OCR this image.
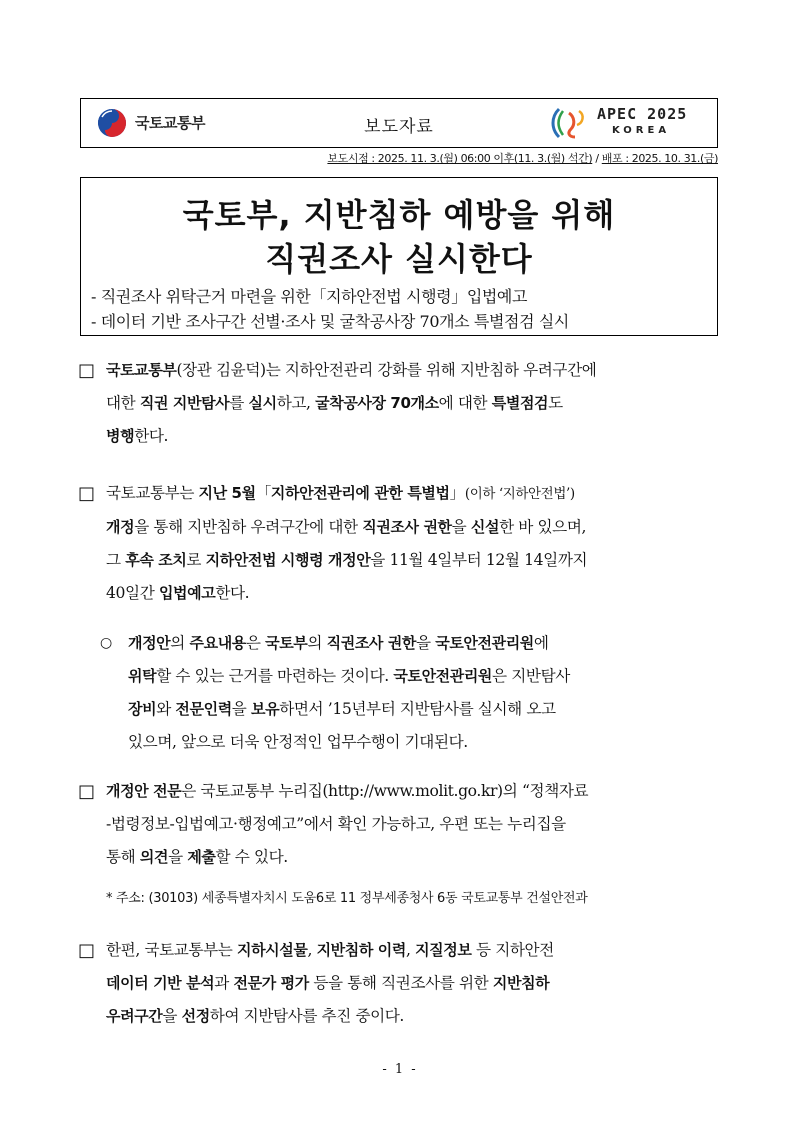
국토교통부	보도자료
APEC 2025
KOREA
보도시점 : 2025. 11. 3.(월) 06:00 이후(11. 3.(월) 석간) / 배포 : 2025. 10. 31.(금)
국토부, 지반침하 예방을 위해
직권조사 실시한다
- 직권조사 위탁근거 마련을 위한「지하안전법 시행령」입법예고
- 데이터 기반 조사구간 선별·조사 및 굴착공사장 70개소 특별점검 실시
□ 국토교통부(장관 김윤덕)는 지하안전관리 강화를 위해 지반침하 우려구간에
대한 직권 지반탐사를 실시하고, 굴착공사장 70개소에 대한 특별점검도
병행한다.
□ 국토교통부는 지난 5월「지하안전관리에 관한 특별법」(이하 ‘지하안전법’)
개정을 통해 지반침하 우려구간에 대한 직권조사 권한을 신설한 바 있으며,
그 후속 조치로 지하안전법 시행령 개정안을 11월 4일부터 12월 14일까지
40일간 입법예고한다.
○ 개정안의 주요내용은 국토부의 직권조사 권한을 국토안전관리원에
위탁할 수 있는 근거를 마련하는 것이다. 국토안전관리원은 지반탐사
장비와 전문인력을 보유하면서 ’15년부터 지반탐사를 실시해 오고
있으며, 앞으로 더욱 안정적인 업무수행이 기대된다.
□ 개정안 전문은 국토교통부 누리집(http://www.molit.go.kr)의 “정책자료
-법령정보-입법예고·행정예고”에서 확인 가능하고, 우편 또는 누리집을
통해 의견을 제출할 수 있다.
* 주소: (30103) 세종특별자치시 도움6로 11 정부세종청사 6동 국토교통부 건설안전과
□ 한편, 국토교통부는 지하시설물, 지반침하 이력, 지질정보 등 지하안전
데이터 기반 분석과 전문가 평가 등을 통해 직권조사를 위한 지반침하
우려구간을 선정하여 지반탐사를 추진 중이다.
- 1 -
